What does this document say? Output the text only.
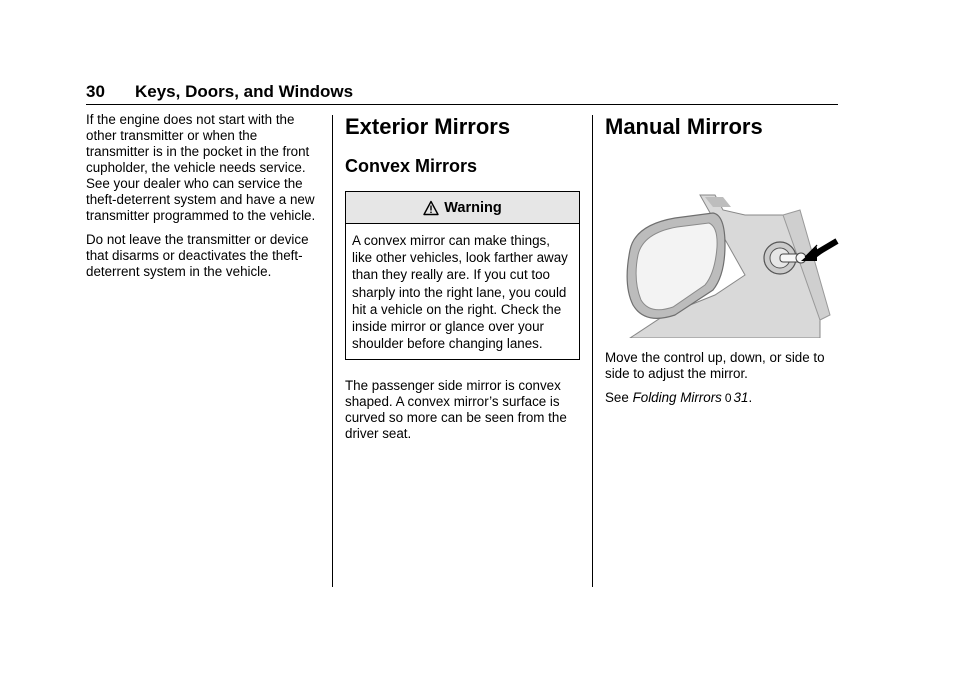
30 Keys, Doors, and Windows

If the engine does not start with the other transmitter or when the transmitter is in the pocket in the front cupholder, the vehicle needs service. See your dealer who can service the theft-deterrent system and have a new transmitter programmed to the vehicle.

Do not leave the transmitter or device that disarms or deactivates the theft-deterrent system in the vehicle.

Exterior Mirrors
Convex Mirrors
Warning
A convex mirror can make things, like other vehicles, look farther away than they really are. If you cut too sharply into the right lane, you could hit a vehicle on the right. Check the inside mirror or glance over your shoulder before changing lanes.

The passenger side mirror is convex shaped. A convex mirror’s surface is curved so more can be seen from the driver seat.

Manual Mirrors

Move the control up, down, or side to side to adjust the mirror.

See Folding Mirrors 0 31.
